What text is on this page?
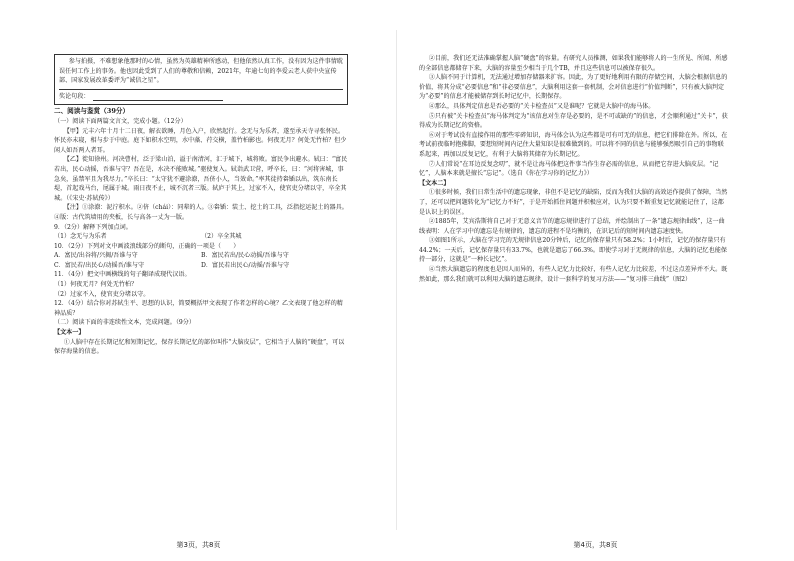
参与拍摄，不难想象他那时的心情，虽然为英雄精神所感动，但他依然认真工作，没有因为这件事情耽误任何工作上的事务。他也因此受到了人们的尊敬和信赖，2021年，年逾七旬的李爱云老人获中央宣传部、国家发展改革委评为“诚信之星”。

奖论句段：

二、阅读与鉴赏（39分）

（一）阅读下面两篇文言文，完成小题。（12分）

【甲】元丰六年十月十二日夜，解衣欲睡，月色入户，欣然起行。念无与为乐者，遂至承天寺寻张怀民。怀民亦未寝，相与步于中庭。庭下如积水空明，水中藻、荇交横，盖竹柏影也。何夜无月？何处无竹柏？但少闲人如吾两人者耳。

【乙】徙知徐州。河决曹村，泛于梁山泊，溢于南清河，汇于城下，城将败。富民争出避水。轼曰：“富民若出，民心动摇，吾谁与守？吾在是，水决不能败城。”驱使复入。轼诣武卫营，呼卒长，曰：“河将害城，事急矣，虽禁军且为我尽力。”卒长曰：“太守犹不避涂潦，吾侪小人，当效命。”率其徒持畚锸以出，筑东南长堤，首起戏马台，尾属于城。雨日夜不止，城不沉者三版。轼庐于其上，过家不入，使官吏分堵以守，卒全其城。（《宋史·苏轼传》）

【注】①涂潦：泥泞积水。②侪（chái）：同辈的人。③畚锸：装土、挖土的工具，泛指挖运泥土的器具。④版：古代筑墙用的夹板，长与高各一丈为一版。

9．（2分）解释下列加点词。

（1）念无与为乐者	（2）卒全其城

10．（2分）下列对文中画波浪线部分的断句，正确的一项是（　　）

A．富民/出谷将/兴揭/吾谁与守	B．富民若出/民心动摇/吾谁与守
C．富民若/出民心/动摇吾/谁与守	D．富民若出民心/动摇/吾谁与守

11．（4分）把文中画横线的句子翻译成现代汉语。

（1）何夜无月？何处无竹柏？

（2）过家不入，使官吏分堵以守。

12．（4分）结合你对苏轼生平、思想的认识，简要概括甲文表现了作者怎样的心境？乙文表现了他怎样的精神品质？

（二）阅读下面的非连续性文本，完成问题。（9分）

【文本一】

①人脑中存在长期记忆和短期记忆，保存长期记忆的部位叫作“大脑皮层”，它相当于人脑的“硬盘”，可以保存海量的信息。

第3页，共8页

②目前，我们还无法准确掌握人脑“硬盘”的容量。有研究人员推测，如果我们能够将人的一生所见、所闻、所感的全部信息都储存下来，大脑的容量至少相当于几个TB，并且这些信息可以被保存很久。

③人脑不同于计算机，无法通过增加存储器来扩容。因此，为了更好地利用有限的存储空间，大脑会根据信息的价值，将其分成“必要信息”和“非必要信息”，大脑利用这套一套机制，会对信息进行“价值判断”，只有被大脑判定为“必要”的信息才能被储存到长时记忆中，长期保存。

④那么，具体判定信息是否必要的“关卡检查员”又是谁呢？它就是大脑中的海马体。

⑤只有被“关卡检查员”海马体判定为“该信息对生存是必要的，是不可或缺的”的信息，才会顺利通过“关卡”，获得成为长期记忆的资格。

⑥对于考试没有直接作用的那些零碎知识，海马体会认为这些都是可有可无的信息，把它们排除在外。所以，在考试前夜临时抱佛脚，要想短时间内记住大量知识是很难做到的。可以将不同的信息与能够强烈吸引自己的事物联系起来，再加以反复记忆，有利于大脑将其储存为长期记忆。

⑦人们常说“在耳边反复念叨”，就不是让海马体把这件事当作生存必需的信息，从而把它存进大脑皮层。“记忆”，人脑本来就是擅长“忘记”。（选自《你在学习你的记忆力》）

【文本二】

①很多时候，我们日常生活中的遗忘现象，非但不是记忆的缺陷，反而为我们大脑的高效运作提供了保障，当然了，还可以把问题转化为“记忆力不好”，于是开始抓住问题并积极应对，认为只要不断重复记忆就能记住了，这都是认识上的误区。

②1885年，艾宾浩斯将自己对于无意义音节的遗忘规律进行了总结，并绘制出了一条“遗忘规律曲线”，这一曲线表明：人在学习中的遗忘是有规律的，遗忘的进程不是均衡的，在识记后的短时间内遗忘速度快。

③如图1所示，大脑在学习完的无规律信息20分钟后，记忆的保存量只有58.2%；1小时后，记忆的保存量只有44.2%；一天后，记忆保存量只有33.7%，也就是遗忘了66.3%。即使学习对于无规律的信息，大脑的记忆也能保持一部分，这就是“一种长记忆”。

④当然大脑遗忘的程度也是因人而异的，有些人记忆力比较好，有些人记忆力比较差，不过这点差异并不大。既然如此，那么我们就可以利用大脑的遗忘规律，设计一套科学的复习方法——“复习排三曲线”（图2）

第4页，共8页
